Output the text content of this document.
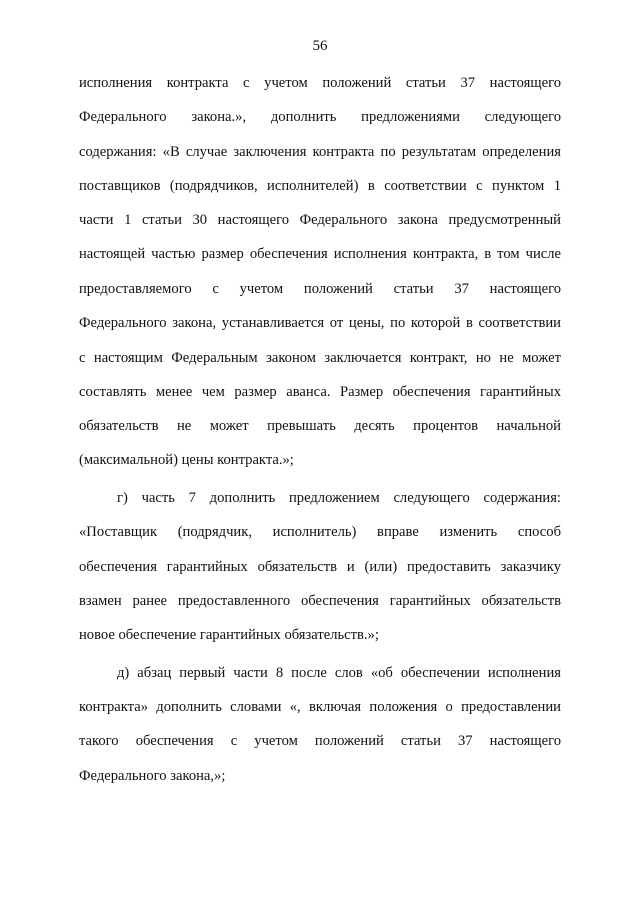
56
исполнения контракта с учетом положений статьи 37 настоящего
Федерального закона.», дополнить предложениями следующего
содержания: «В случае заключения контракта по результатам определения
поставщиков (подрядчиков, исполнителей) в соответствии с пунктом 1
части 1 статьи 30 настоящего Федерального закона предусмотренный
настоящей частью размер обеспечения исполнения контракта, в том числе
предоставляемого с учетом положений статьи 37 настоящего
Федерального закона, устанавливается от цены, по которой в соответствии
с настоящим Федеральным законом заключается контракт, но не может
составлять менее чем размер аванса. Размер обеспечения гарантийных
обязательств не может превышать десять процентов начальной
(максимальной) цены контракта.»;
г) часть 7 дополнить предложением следующего содержания:
«Поставщик (подрядчик, исполнитель) вправе изменить способ
обеспечения гарантийных обязательств и (или) предоставить заказчику
взамен ранее предоставленного обеспечения гарантийных обязательств
новое обеспечение гарантийных обязательств.»;
д) абзац первый части 8 после слов «об обеспечении исполнения
контракта» дополнить словами «, включая положения о предоставлении
такого обеспечения с учетом положений статьи 37 настоящего
Федерального закона,»;
